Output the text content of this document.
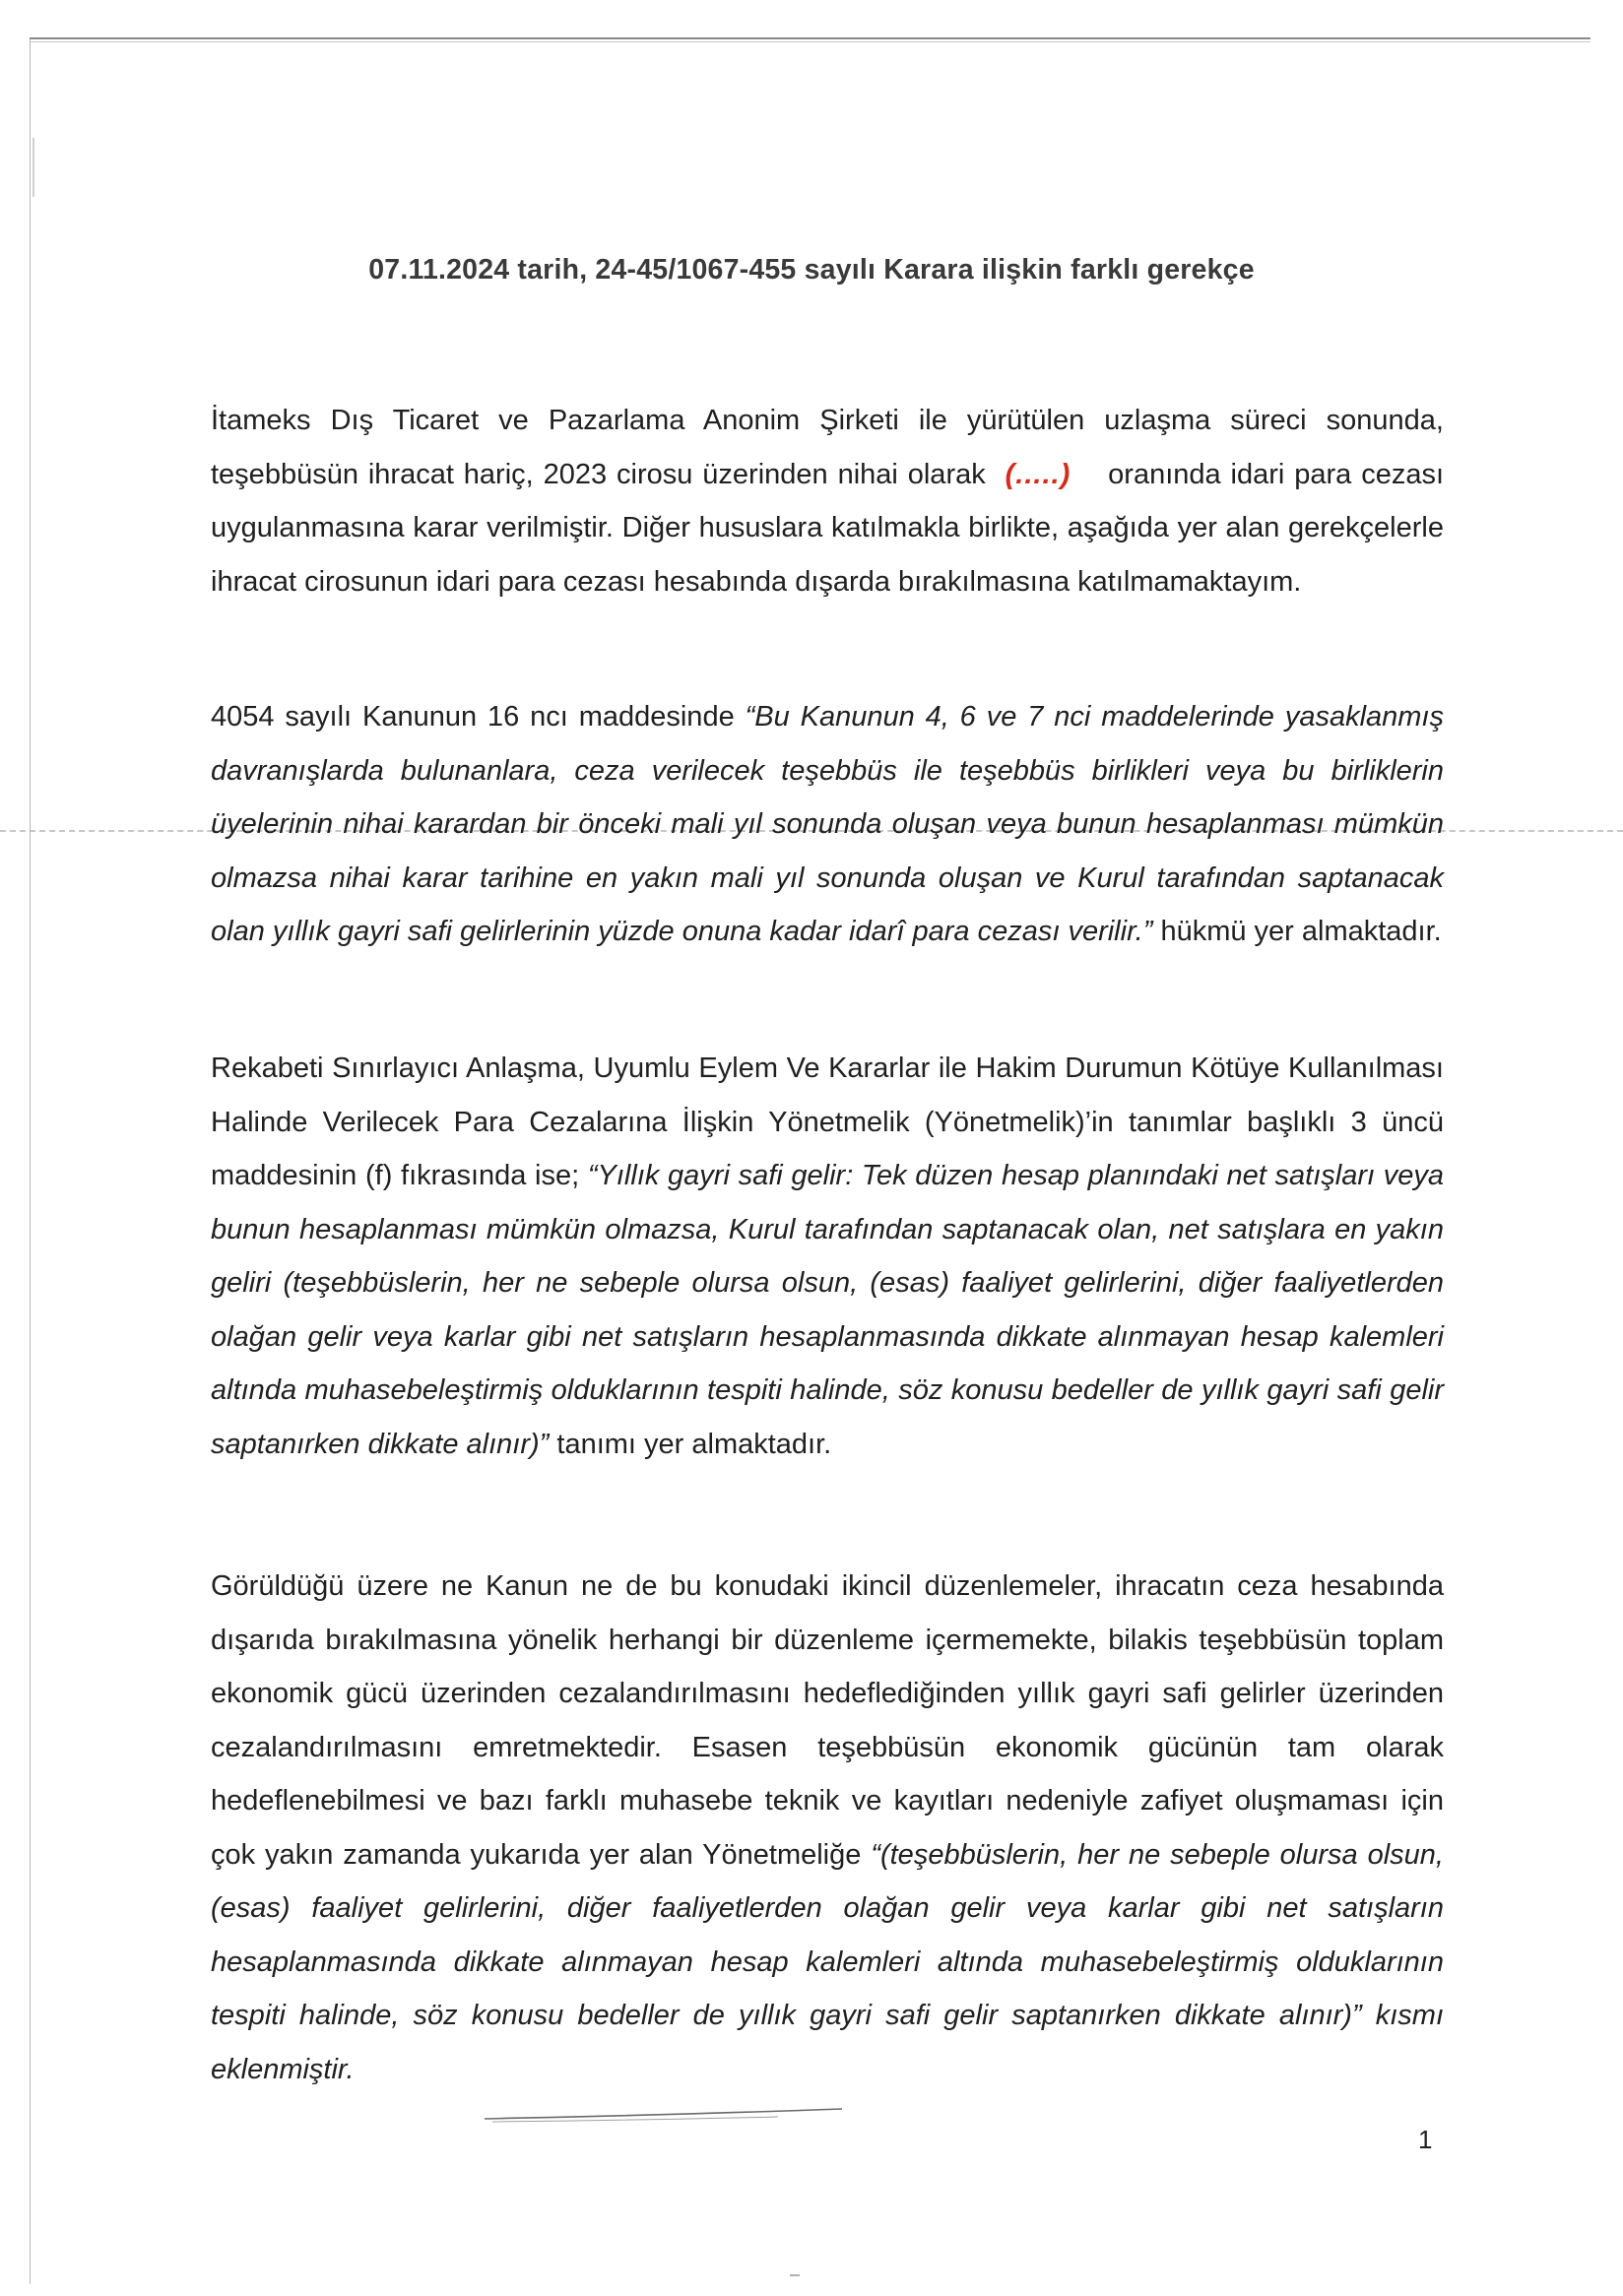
07.11.2024 tarih, 24-45/1067-455 sayılı Karara ilişkin farklı gerekçe

İtameks Dış Ticaret ve Pazarlama Anonim Şirketi ile yürütülen uzlaşma süreci sonunda, teşebbüsün ihracat hariç, 2023 cirosu üzerinden nihai olarak (.....) oranında idari para cezası uygulanmasına karar verilmiştir. Diğer hususlara katılmakla birlikte, aşağıda yer alan gerekçelerle ihracat cirosunun idari para cezası hesabında dışarda bırakılmasına katılmamaktayım.

4054 sayılı Kanunun 16 ncı maddesinde “Bu Kanunun 4, 6 ve 7 nci maddelerinde yasaklanmış davranışlarda bulunanlara, ceza verilecek teşebbüs ile teşebbüs birlikleri veya bu birliklerin üyelerinin nihai karardan bir önceki mali yıl sonunda oluşan veya bunun hesaplanması mümkün olmazsa nihai karar tarihine en yakın mali yıl sonunda oluşan ve Kurul tarafından saptanacak olan yıllık gayri safi gelirlerinin yüzde onuna kadar idarî para cezası verilir.” hükmü yer almaktadır.

Rekabeti Sınırlayıcı Anlaşma, Uyumlu Eylem Ve Kararlar ile Hakim Durumun Kötüye Kullanılması Halinde Verilecek Para Cezalarına İlişkin Yönetmelik (Yönetmelik)’in tanımlar başlıklı 3 üncü maddesinin (f) fıkrasında ise; “Yıllık gayri safi gelir: Tek düzen hesap planındaki net satışları veya bunun hesaplanması mümkün olmazsa, Kurul tarafından saptanacak olan, net satışlara en yakın geliri (teşebbüslerin, her ne sebeple olursa olsun, (esas) faaliyet gelirlerini, diğer faaliyetlerden olağan gelir veya karlar gibi net satışların hesaplanmasında dikkate alınmayan hesap kalemleri altında muhasebeleştirmiş olduklarının tespiti halinde, söz konusu bedeller de yıllık gayri safi gelir saptanırken dikkate alınır)” tanımı yer almaktadır.

Görüldüğü üzere ne Kanun ne de bu konudaki ikincil düzenlemeler, ihracatın ceza hesabında dışarıda bırakılmasına yönelik herhangi bir düzenleme içermemekte, bilakis teşebbüsün toplam ekonomik gücü üzerinden cezalandırılmasını hedeflediğinden yıllık gayri safi gelirler üzerinden cezalandırılmasını emretmektedir. Esasen teşebbüsün ekonomik gücünün tam olarak hedeflenebilmesi ve bazı farklı muhasebe teknik ve kayıtları nedeniyle zafiyet oluşmaması için çok yakın zamanda yukarıda yer alan Yönetmeliğe “(teşebbüslerin, her ne sebeple olursa olsun, (esas) faaliyet gelirlerini, diğer faaliyetlerden olağan gelir veya karlar gibi net satışların hesaplanmasında dikkate alınmayan hesap kalemleri altında muhasebeleştirmiş olduklarının tespiti halinde, söz konusu bedeller de yıllık gayri safi gelir saptanırken dikkate alınır)” kısmı eklenmiştir.

1
